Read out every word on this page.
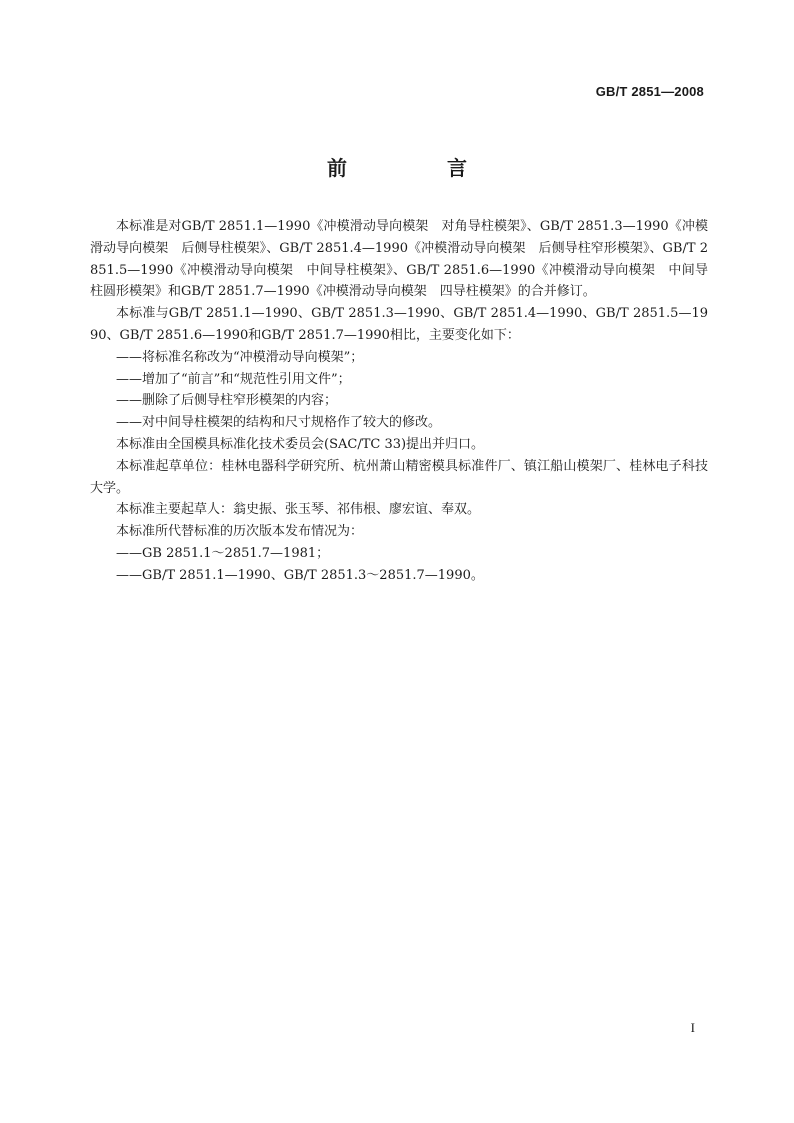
GB/T 2851—2008
前　言

本标准是对GB/T 2851.1—1990《冲模滑动导向模架　对角导柱模架》、GB/T 2851.3—1990《冲模滑动导向模架　后侧导柱模架》、GB/T 2851.4—1990《冲模滑动导向模架　后侧导柱窄形模架》、GB/T 2851.5—1990《冲模滑动导向模架　中间导柱模架》、GB/T 2851.6—1990《冲模滑动导向模架　中间导柱圆形模架》和GB/T 2851.7—1990《冲模滑动导向模架　四导柱模架》的合并修订。

本标准与GB/T 2851.1—1990、GB/T 2851.3—1990、GB/T 2851.4—1990、GB/T 2851.5—1990、GB/T 2851.6—1990和GB/T 2851.7—1990相比，主要变化如下：

——将标准名称改为“冲模滑动导向模架”；

——增加了“前言”和“规范性引用文件”；

——删除了后侧导柱窄形模架的内容；

——对中间导柱模架的结构和尺寸规格作了较大的修改。

本标准由全国模具标准化技术委员会(SAC/TC 33)提出并归口。

本标准起草单位：桂林电器科学研究所、杭州萧山精密模具标准件厂、镇江船山模架厂、桂林电子科技大学。

本标准主要起草人：翁史振、张玉琴、祁伟根、廖宏谊、奉双。

本标准所代替标准的历次版本发布情况为：

——GB 2851.1～2851.7—1981；

——GB/T 2851.1—1990、GB/T 2851.3～2851.7—1990。

I
